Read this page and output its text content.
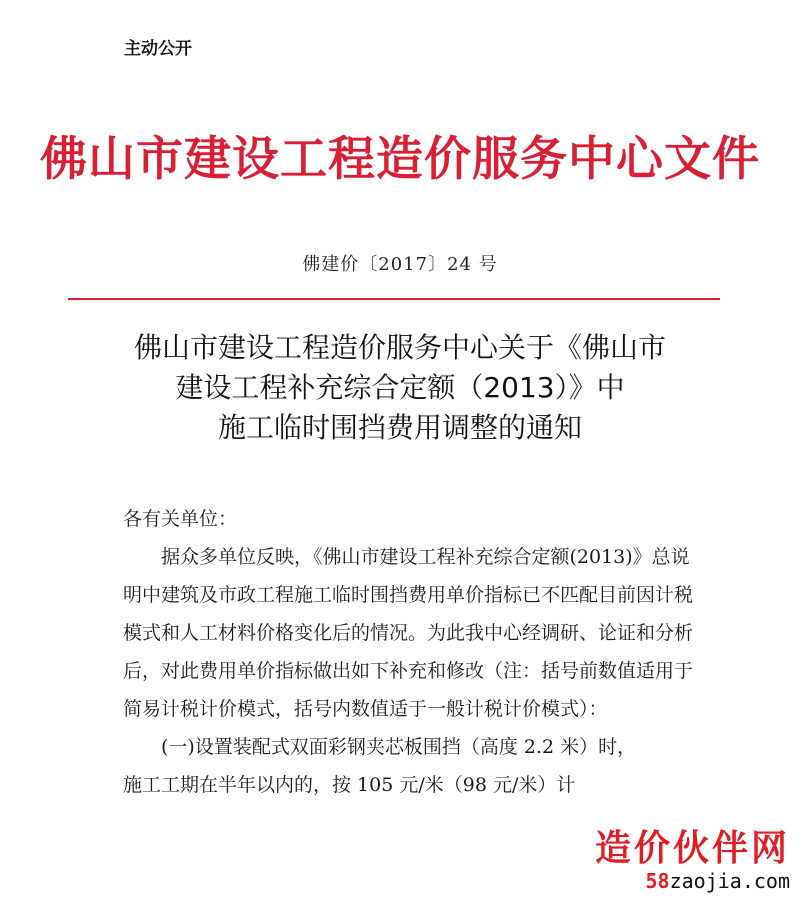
主动公开
佛山市建设工程造价服务中心文件
佛建价〔2017〕24 号
佛山市建设工程造价服务中心关于《佛山市
建设工程补充综合定额（2013）》中
施工临时围挡费用调整的通知

各有关单位：

据众多单位反映，《佛山市建设工程补充综合定额(2013)》总说明中建筑及市政工程施工临时围挡费用单价指标已不匹配目前因计税模式和人工材料价格变化后的情况。为此我中心经调研、论证和分析后，对此费用单价指标做出如下补充和修改（注：括号前数值适用于简易计税计价模式，括号内数值适于一般计税计价模式）：

(一)设置装配式双面彩钢夹芯板围挡（高度 2.2 米）时，

施工工期在半年以内的，按 105 元/米（98 元/米）计

造价伙伴网
58zaojia.com
